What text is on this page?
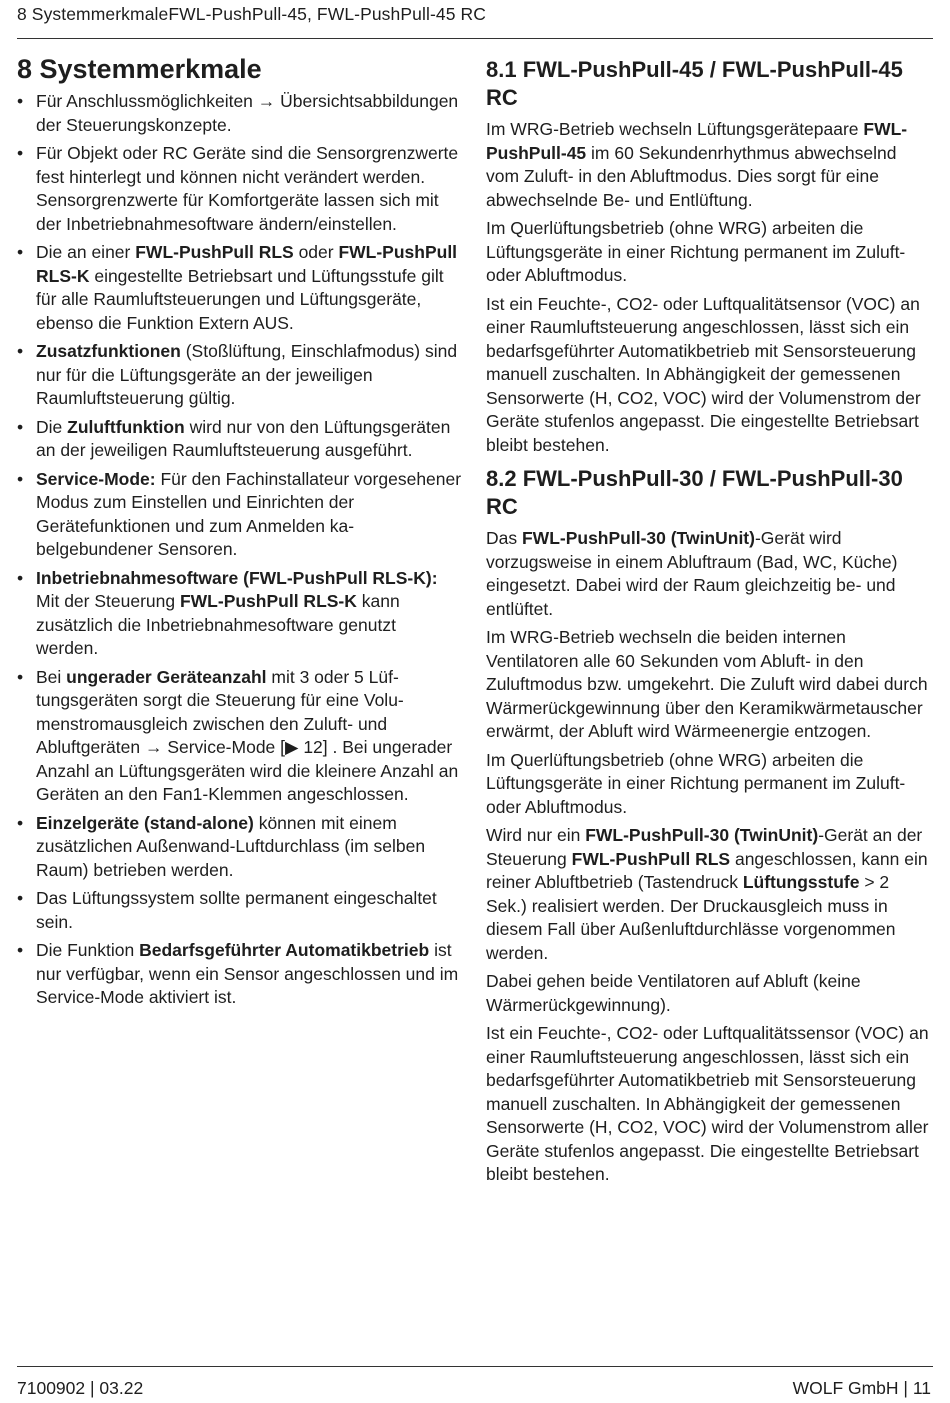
8 SystemmerkmaleFWL-PushPull-45, FWL-PushPull-45 RC
8 Systemmerkmale
• Für Anschlussmöglichkeiten → Übersichtsabbildungen der Steuerungskonzepte.
• Für Objekt oder RC Geräte sind die Sensorgrenzwerte fest hinterlegt und können nicht verändert werden. Sensorgrenzwerte für Komfortgeräte lassen sich mit der Inbetriebnahmesoftware ändern/einstellen.
• Die an einer FWL-PushPull RLS oder FWL-PushPull RLS-K eingestellte Betriebsart und Lüftungsstufe gilt für alle Raumluftsteuerungen und Lüftungsgeräte, ebenso die Funktion Extern AUS.
• Zusatzfunktionen (Stoßlüftung, Einschlafmodus) sind nur für die Lüftungsgeräte an der jeweiligen Raumluftsteuerung gültig.
• Die Zuluftfunktion wird nur von den Lüftungsgeräten an der jeweiligen Raumluftsteuerung ausgeführt.
• Service-Mode: Für den Fachinstallateur vorgesehener Modus zum Einstellen und Einrichten der Gerätefunktionen und zum Anmelden kabelgebundener Sensoren.
• Inbetriebnahmesoftware (FWL-PushPull RLS-K): Mit der Steuerung FWL-PushPull RLS-K kann zusätzlich die Inbetriebnahmesoftware genutzt werden.
• Bei ungerader Geräteanzahl mit 3 oder 5 Lüftungsgeräten sorgt die Steuerung für eine Volumenstromausgleich zwischen den Zuluft- und Abluftgeräten → Service-Mode [▶ 12] . Bei ungerader Anzahl an Lüftungsgeräten wird die kleinere Anzahl an Geräten an den Fan1-Klemmen angeschlossen.
• Einzelgeräte (stand-alone) können mit einem zusätzlichen Außenwand-Luftdurchlass (im selben Raum) betrieben werden.
• Das Lüftungssystem sollte permanent eingeschaltet sein.
• Die Funktion Bedarfsgeführter Automatikbetrieb ist nur verfügbar, wenn ein Sensor angeschlossen und im Service-Mode aktiviert ist.
8.1 FWL-PushPull-45 / FWL-PushPull-45 RC

Im WRG-Betrieb wechseln Lüftungsgerätepaare FWL-PushPull-45 im 60 Sekundenrhythmus abwechselnd vom Zuluft- in den Abluftmodus. Dies sorgt für eine abwechselnde Be- und Entlüftung.

Im Querlüftungsbetrieb (ohne WRG) arbeiten die Lüftungsgeräte in einer Richtung permanent im Zuluft- oder Abluftmodus.

Ist ein Feuchte-, CO2- oder Luftqualitätsensor (VOC) an einer Raumluftsteuerung angeschlossen, lässt sich ein bedarfsgeführter Automatikbetrieb mit Sensorsteuerung manuell zuschalten. In Abhängigkeit der gemessenen Sensorwerte (H, CO2, VOC) wird der Volumenstrom der Geräte stufenlos angepasst. Die eingestellte Betriebsart bleibt bestehen.

8.2 FWL-PushPull-30 / FWL-PushPull-30 RC

Das FWL-PushPull-30 (TwinUnit)-Gerät wird vorzugsweise in einem Abluftraum (Bad, WC, Küche) eingesetzt. Dabei wird der Raum gleichzeitig be- und entlüftet.

Im WRG-Betrieb wechseln die beiden internen Ventilatoren alle 60 Sekunden vom Abluft- in den Zuluftmodus bzw. umgekehrt. Die Zuluft wird dabei durch Wärmerückgewinnung über den Keramikwärmetauscher erwärmt, der Abluft wird Wärmeenergie entzogen.

Im Querlüftungsbetrieb (ohne WRG) arbeiten die Lüftungsgeräte in einer Richtung permanent im Zuluft- oder Abluftmodus.

Wird nur ein FWL-PushPull-30 (TwinUnit)-Gerät an der Steuerung FWL-PushPull RLS angeschlossen, kann ein reiner Abluftbetrieb (Tastendruck Lüftungsstufe > 2 Sek.) realisiert werden. Der Druckausgleich muss in diesem Fall über Außenluftdurchlässe vorgenommen werden.

Dabei gehen beide Ventilatoren auf Abluft (keine Wärmerückgewinnung).

Ist ein Feuchte-, CO2- oder Luftqualitätssensor (VOC) an einer Raumluftsteuerung angeschlossen, lässt sich ein bedarfsgeführter Automatikbetrieb mit Sensorsteuerung manuell zuschalten. In Abhängigkeit der gemessenen Sensorwerte (H, CO2, VOC) wird der Volumenstrom aller Geräte stufenlos angepasst. Die eingestellte Betriebsart bleibt bestehen.

7100902 | 03.22	WOLF GmbH | 11
